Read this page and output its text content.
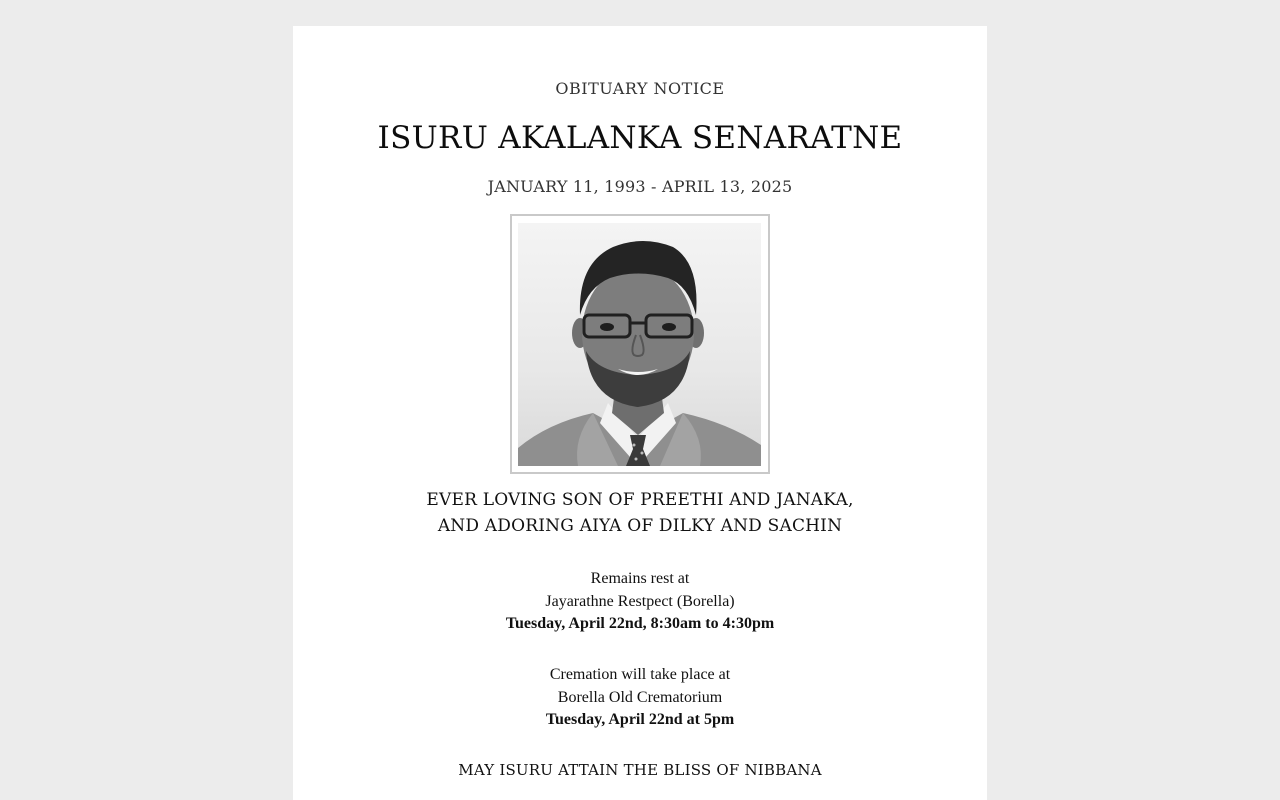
OBITUARY NOTICE
ISURU AKALANKA SENARATNE
JANUARY 11, 1993 - APRIL 13, 2025
EVER LOVING SON OF PREETHI AND JANAKA,
AND ADORING AIYA OF DILKY AND SACHIN
Remains rest at
Jayarathne Restpect (Borella)
Tuesday, April 22nd, 8:30am to 4:30pm
Cremation will take place at
Borella Old Crematorium
Tuesday, April 22nd at 5pm
MAY ISURU ATTAIN THE BLISS OF NIBBANA
